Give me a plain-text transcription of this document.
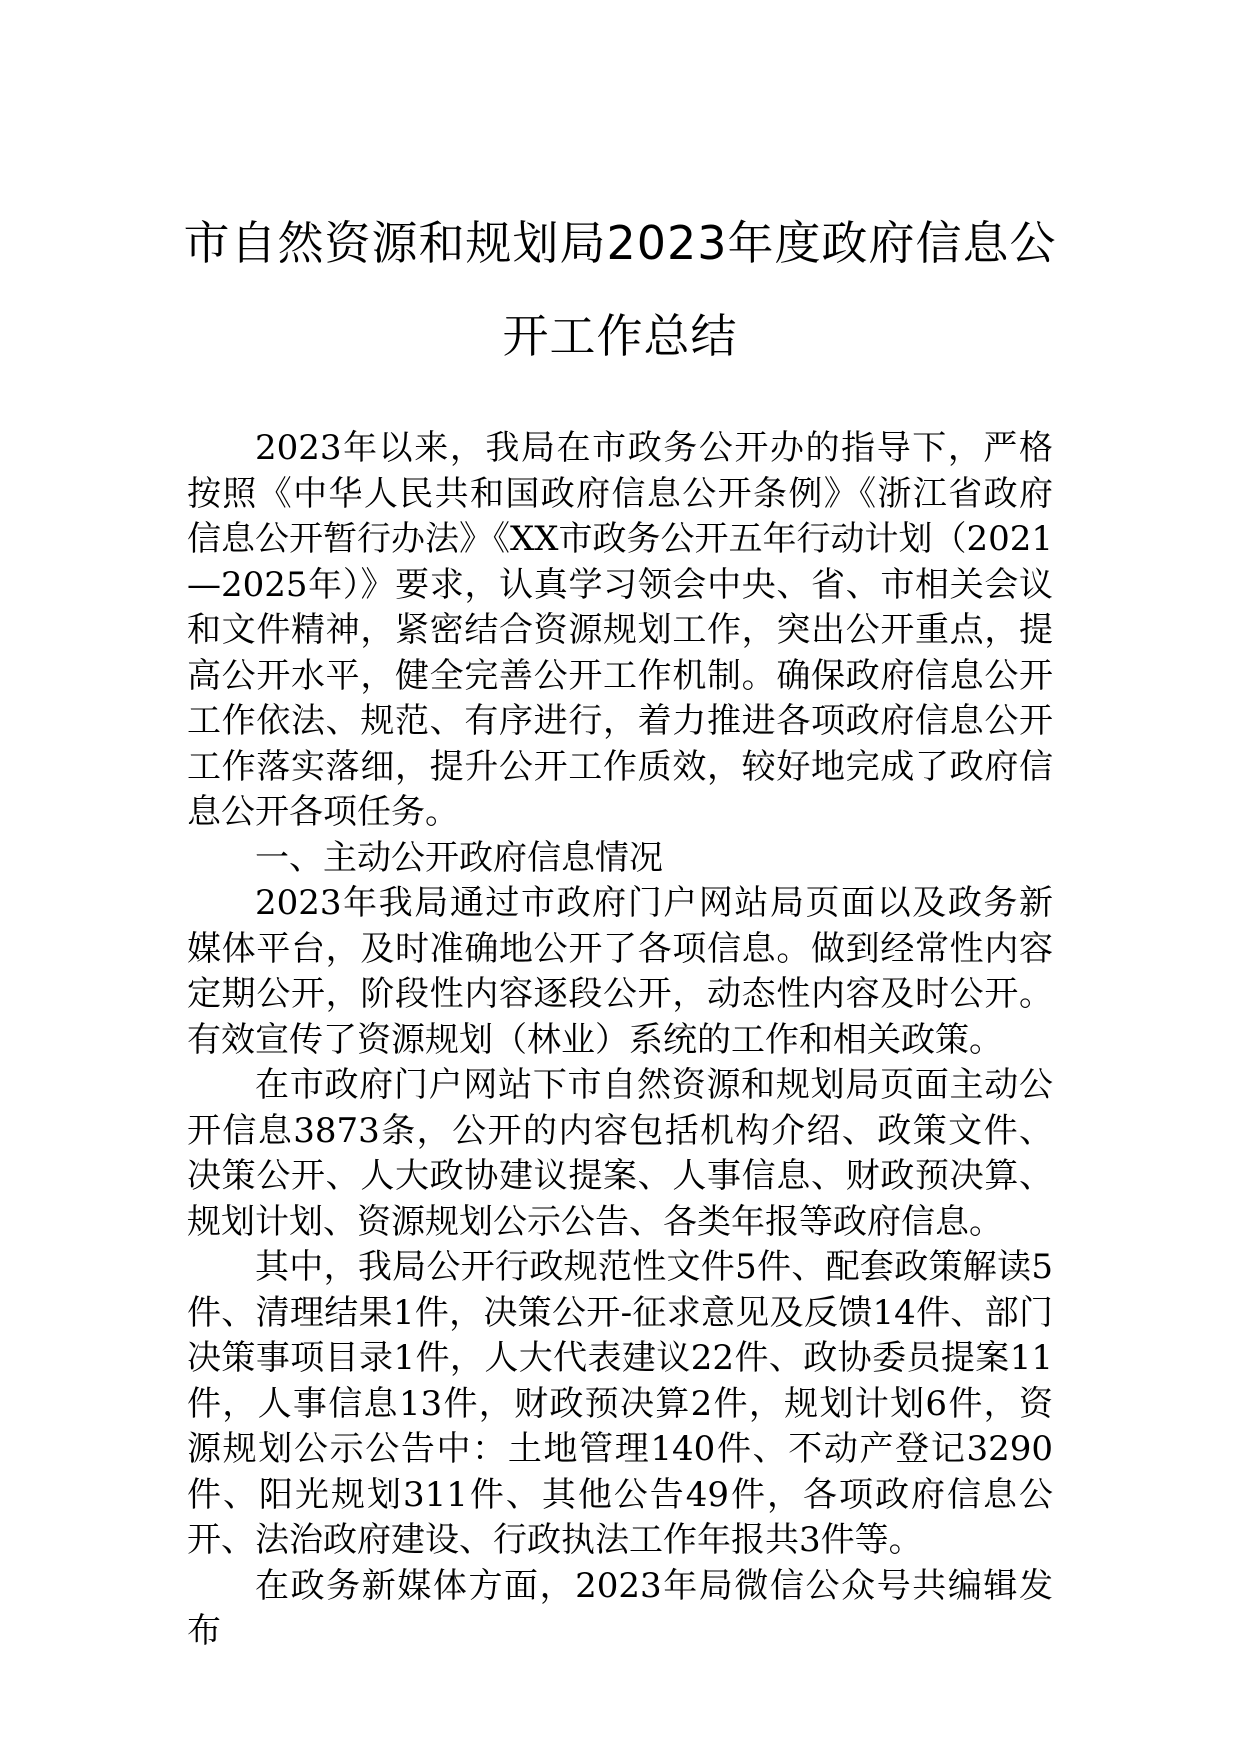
市自然资源和规划局2023年度政府信息公
开工作总结

2023年以来，我局在市政务公开办的指导下，严格按照《中华人民共和国政府信息公开条例》《浙江省政府信息公开暂行办法》《XX市政务公开五年行动计划（2021—2025年）》要求，认真学习领会中央、省、市相关会议和文件精神，紧密结合资源规划工作，突出公开重点，提高公开水平，健全完善公开工作机制。确保政府信息公开工作依法、规范、有序进行，着力推进各项政府信息公开工作落实落细，提升公开工作质效，较好地完成了政府信息公开各项任务。

一、主动公开政府信息情况

2023年我局通过市政府门户网站局页面以及政务新媒体平台，及时准确地公开了各项信息。做到经常性内容定期公开，阶段性内容逐段公开，动态性内容及时公开。有效宣传了资源规划（林业）系统的工作和相关政策。

在市政府门户网站下市自然资源和规划局页面主动公开信息3873条，公开的内容包括机构介绍、政策文件、决策公开、人大政协建议提案、人事信息、财政预决算、规划计划、资源规划公示公告、各类年报等政府信息。

其中，我局公开行政规范性文件5件、配套政策解读5件、清理结果1件，决策公开-征求意见及反馈14件、部门决策事项目录1件，人大代表建议22件、政协委员提案11件，人事信息13件，财政预决算2件，规划计划6件，资源规划公示公告中：土地管理140件、不动产登记3290件、阳光规划311件、其他公告49件，各项政府信息公开、法治政府建设、行政执法工作年报共3件等。

在政务新媒体方面，2023年局微信公众号共编辑发布
